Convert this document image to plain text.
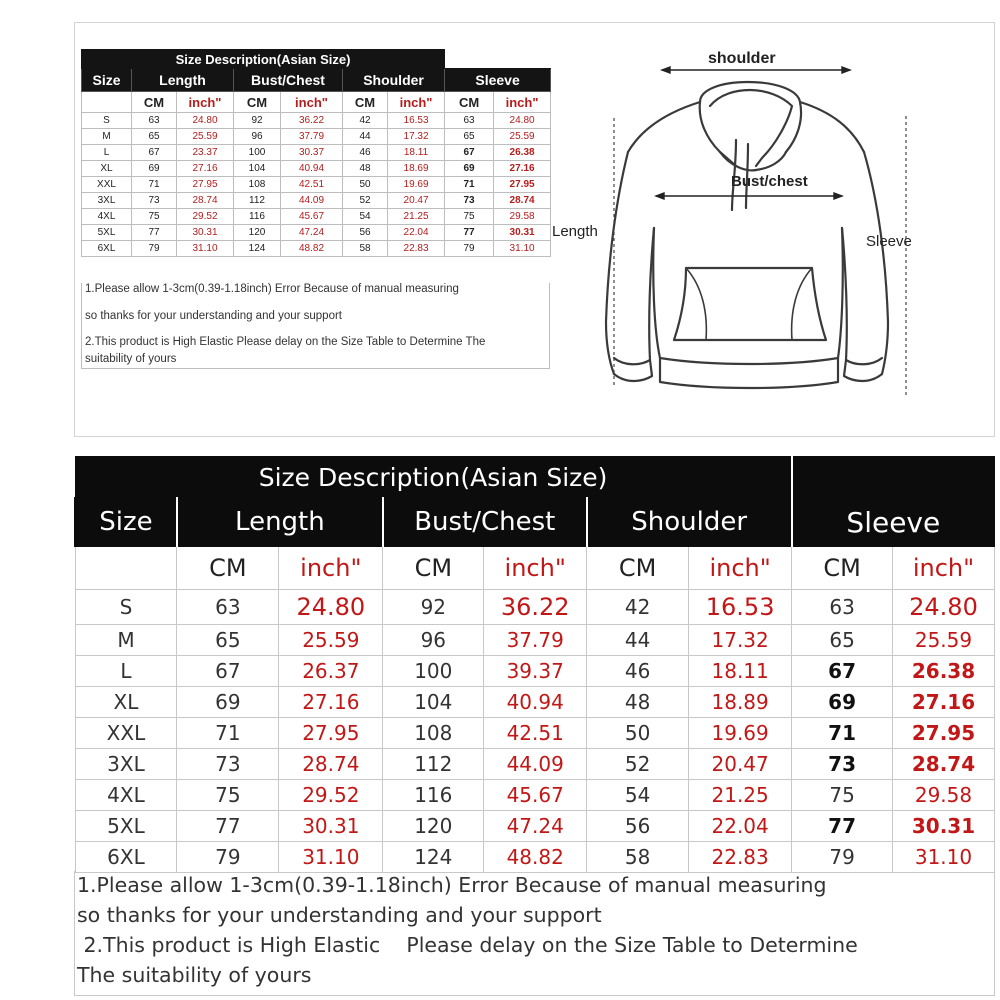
Size Description(Asian Size)								
Size	Length		Bust/Chest		Shoulder		Sleeve	
	CM	inch"	CM	inch"	CM	inch"	CM	inch"
S	63	24.80	92	36.22	42	16.53	63	24.80
M	65	25.59	96	37.79	44	17.32	65	25.59
L	67	23.37	100	30.37	46	18.11	67	26.38
XL	69	27.16	104	40.94	48	18.69	69	27.16
XXL	71	27.95	108	42.51	50	19.69	71	27.95
3XL	73	28.74	112	44.09	52	20.47	73	28.74
4XL	75	29.52	116	45.67	54	21.25	75	29.58
5XL	77	30.31	120	47.24	56	22.04	77	30.31
6XL	79	31.10	124	48.82	58	22.83	79	31.10
1.Please allow 1-3cm(0.39-1.18inch) Error Because of manual measuring
so thanks for your understanding and your support
2.This product is High Elastic Please delay on the Size Table to Determine The
suitability of yours
shoulder
Bust/chest
Length
Sleeve
Size Description(Asian Size)								
Size	Length		Bust/Chest		Shoulder		Sleeve	
	CM	inch"	CM	inch"	CM	inch"	CM	inch"
S	63	24.80	92	36.22	42	16.53	63	24.80
M	65	25.59	96	37.79	44	17.32	65	25.59
L	67	26.37	100	39.37	46	18.11	67	26.38
XL	69	27.16	104	40.94	48	18.89	69	27.16
XXL	71	27.95	108	42.51	50	19.69	71	27.95
3XL	73	28.74	112	44.09	52	20.47	73	28.74
4XL	75	29.52	116	45.67	54	21.25	75	29.58
5XL	77	30.31	120	47.24	56	22.04	77	30.31
6XL	79	31.10	124	48.82	58	22.83	79	31.10
1.Please allow 1-3cm(0.39-1.18inch) Error Because of manual measuring
so thanks for your understanding and your support
2.This product is High Elastic    Please delay on the Size Table to Determine
The suitability of yours
